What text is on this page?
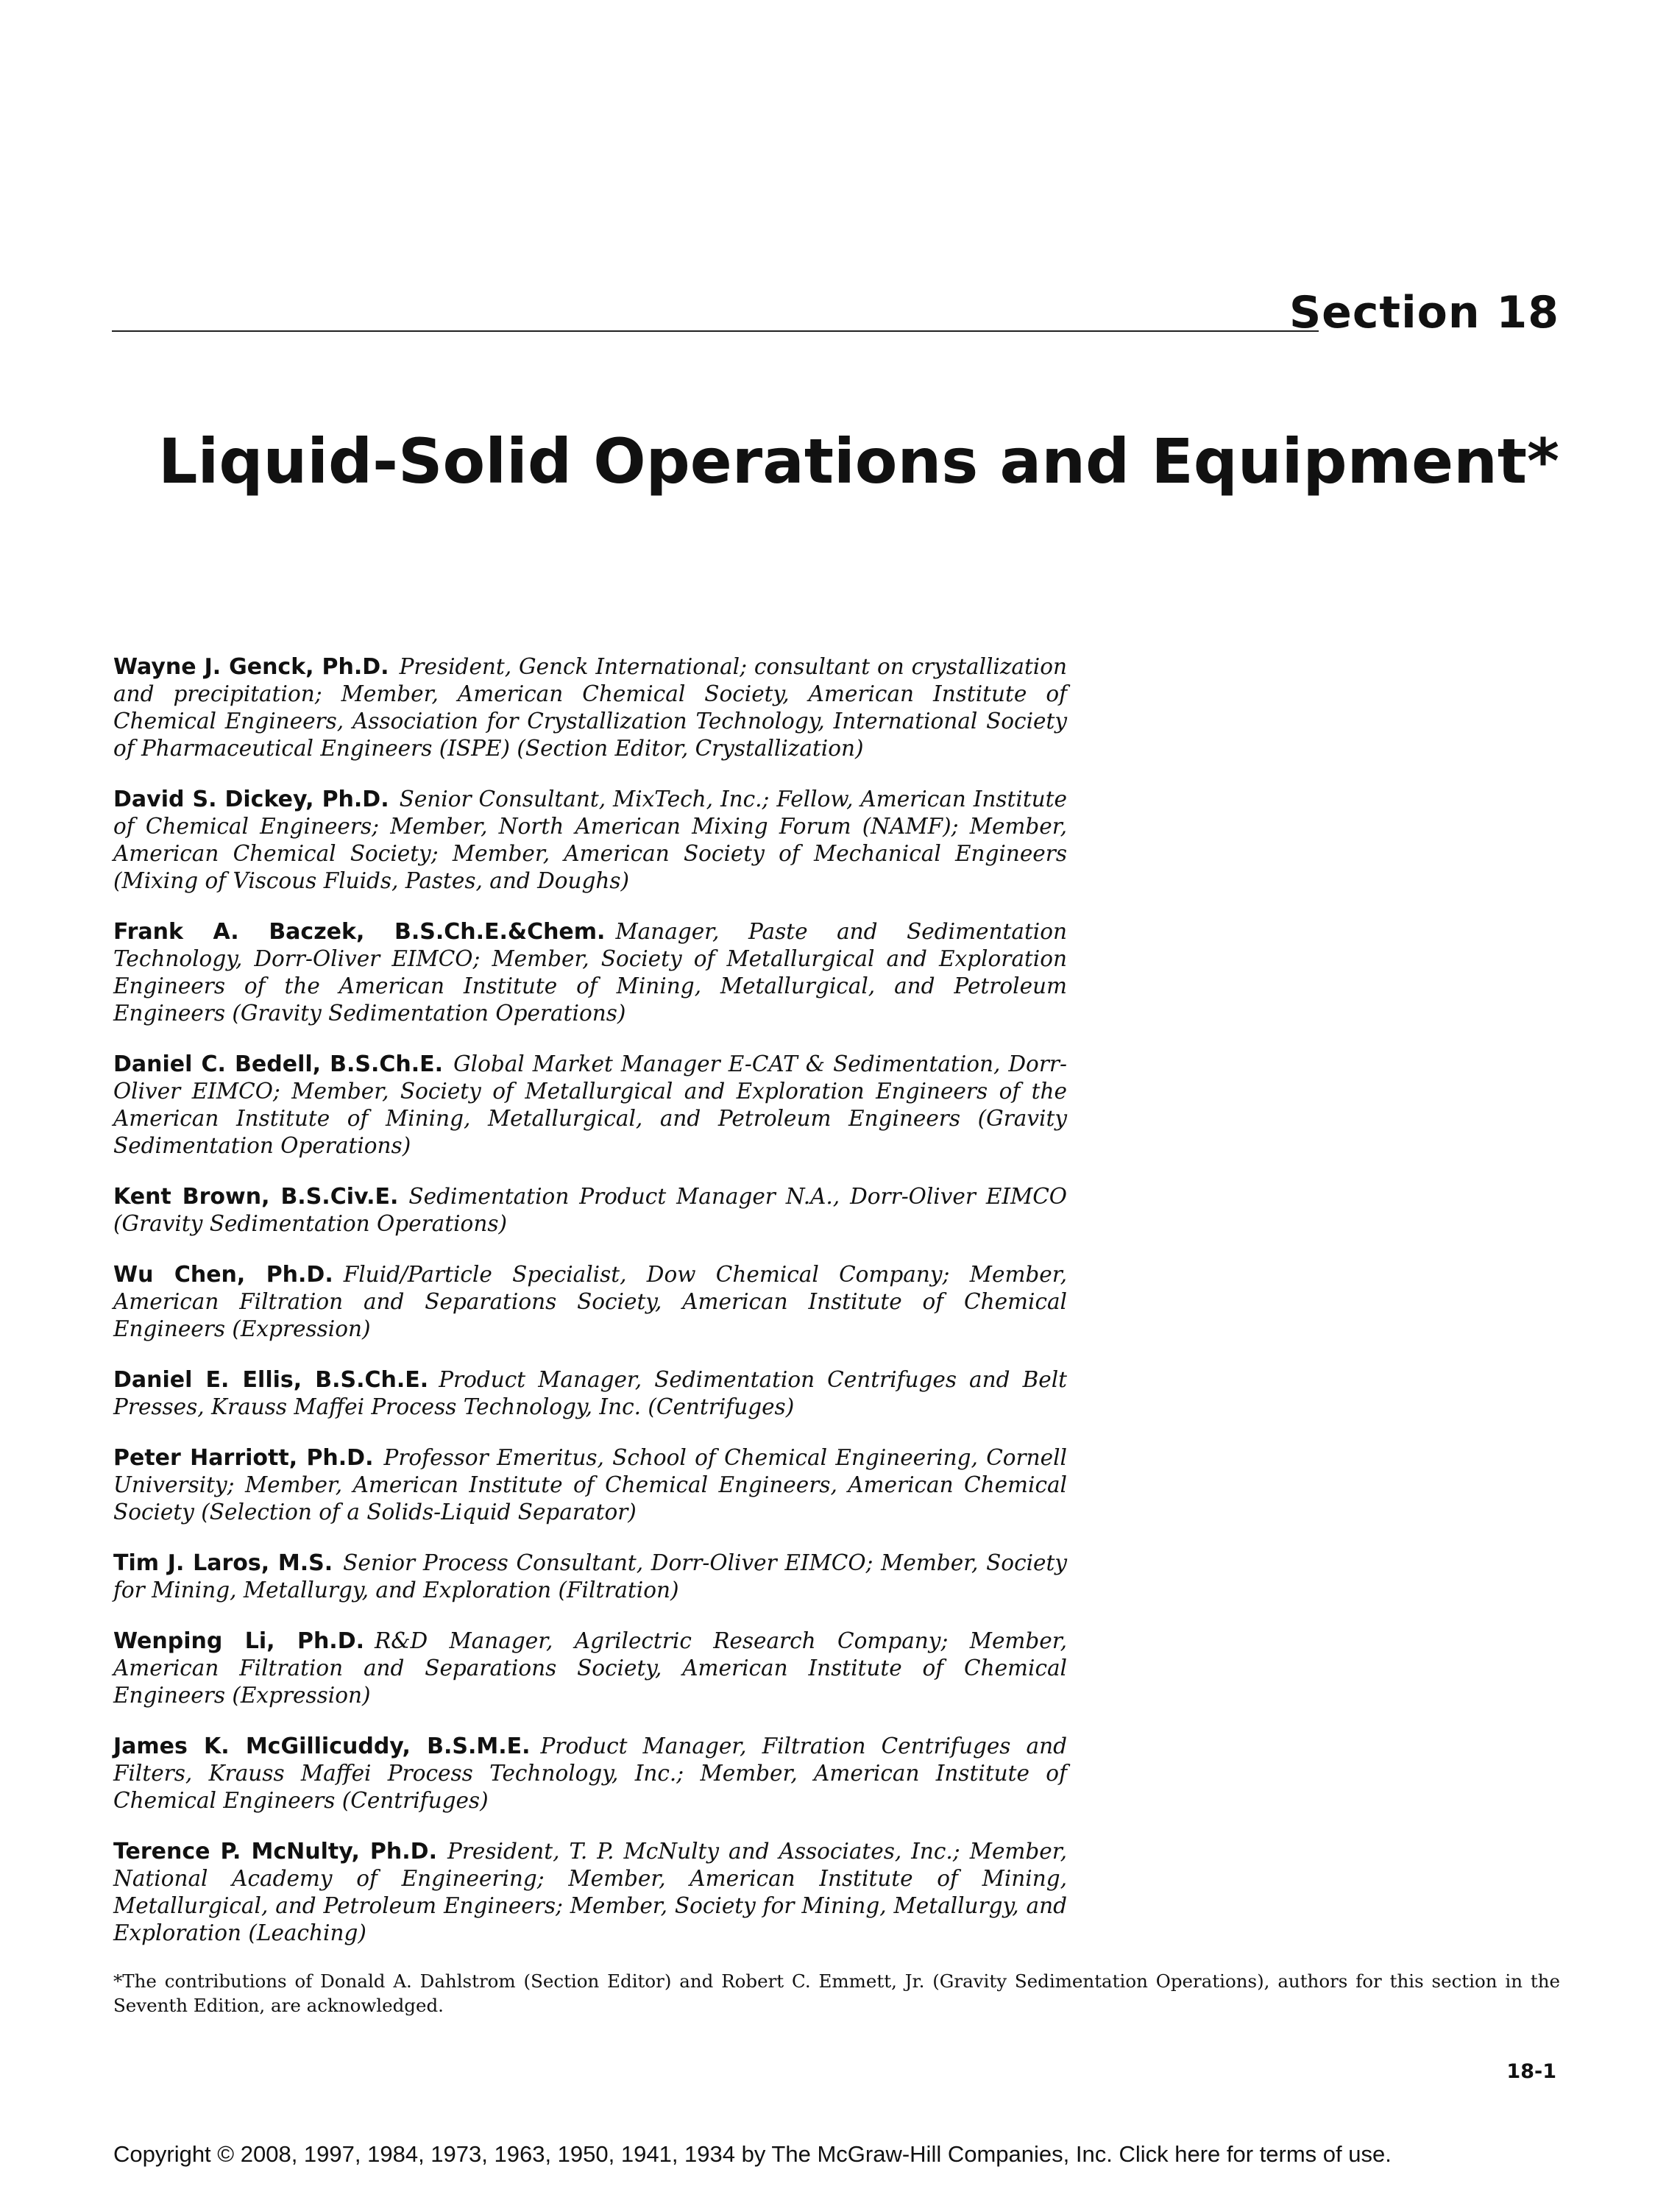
Section 18
Liquid-Solid Operations and Equipment*

Wayne J. Genck, Ph.D. President, Genck International; consultant on crystallization and precipitation; Member, American Chemical Society, American Institute of Chemical Engineers, Association for Crystallization Technology, International Society of Pharmaceutical Engineers (ISPE) (Section Editor, Crystallization)

David S. Dickey, Ph.D. Senior Consultant, MixTech, Inc.; Fellow, American Institute of Chemical Engineers; Member, North American Mixing Forum (NAMF); Member, American Chemical Society; Member, American Society of Mechanical Engineers (Mixing of Viscous Fluids, Pastes, and Doughs)

Frank A. Baczek, B.S.Ch.E.&Chem. Manager, Paste and Sedimentation Technology, Dorr-Oliver EIMCO; Member, Society of Metallurgical and Exploration Engineers of the American Institute of Mining, Metallurgical, and Petroleum Engineers (Gravity Sedimentation Operations)

Daniel C. Bedell, B.S.Ch.E. Global Market Manager E-CAT & Sedimentation, Dorr-Oliver EIMCO; Member, Society of Metallurgical and Exploration Engineers of the American Institute of Mining, Metallurgical, and Petroleum Engineers (Gravity Sedimentation Operations)

Kent Brown, B.S.Civ.E. Sedimentation Product Manager N.A., Dorr-Oliver EIMCO (Gravity Sedimentation Operations)

Wu Chen, Ph.D. Fluid/Particle Specialist, Dow Chemical Company; Member, American Filtration and Separations Society, American Institute of Chemical Engineers (Expression)

Daniel E. Ellis, B.S.Ch.E. Product Manager, Sedimentation Centrifuges and Belt Presses, Krauss Maffei Process Technology, Inc. (Centrifuges)

Peter Harriott, Ph.D. Professor Emeritus, School of Chemical Engineering, Cornell University; Member, American Institute of Chemical Engineers, American Chemical Society (Selection of a Solids-Liquid Separator)

Tim J. Laros, M.S. Senior Process Consultant, Dorr-Oliver EIMCO; Member, Society for Mining, Metallurgy, and Exploration (Filtration)

Wenping Li, Ph.D. R&D Manager, Agrilectric Research Company; Member, American Filtration and Separations Society, American Institute of Chemical Engineers (Expression)

James K. McGillicuddy, B.S.M.E. Product Manager, Filtration Centrifuges and Filters, Krauss Maffei Process Technology, Inc.; Member, American Institute of Chemical Engineers (Centrifuges)

Terence P. McNulty, Ph.D. President, T. P. McNulty and Associates, Inc.; Member, National Academy of Engineering; Member, American Institute of Mining, Metallurgical, and Petroleum Engineers; Member, Society for Mining, Metallurgy, and Exploration (Leaching)

*The contributions of Donald A. Dahlstrom (Section Editor) and Robert C. Emmett, Jr. (Gravity Sedimentation Operations), authors for this section in the Seventh Edition, are acknowledged.
18-1
Copyright © 2008, 1997, 1984, 1973, 1963, 1950, 1941, 1934 by The McGraw-Hill Companies, Inc. Click here for terms of use.
